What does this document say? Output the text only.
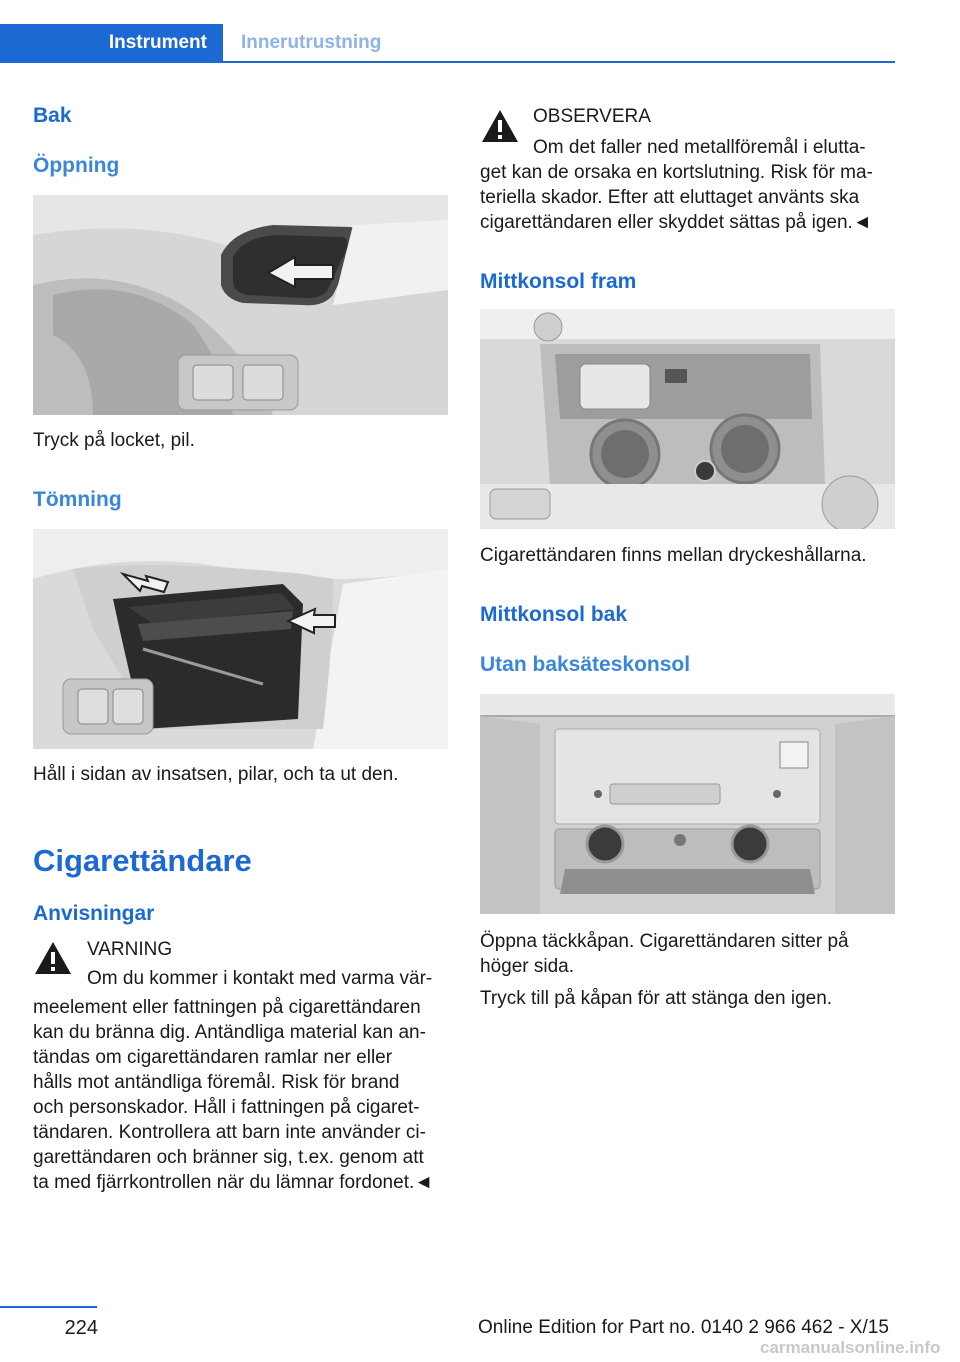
Instrument	Innerutrustning
Bak
Öppning
Tryck på locket, pil.
Tömning
Håll i sidan av insatsen, pilar, och ta ut den.
Cigarettändare
Anvisningar
VARNING
Om du kommer i kontakt med varma vär-
meelement eller fattningen på cigarettändaren
kan du bränna dig. Antändliga material kan an-
tändas om cigarettändaren ramlar ner eller
hålls mot antändliga föremål. Risk för brand
och personskador. Håll i fattningen på cigaret-
tändaren. Kontrollera att barn inte använder ci-
garettändaren och bränner sig, t.ex. genom att
ta med fjärrkontrollen när du lämnar fordonet.◄
OBSERVERA
Om det faller ned metallföremål i elutta-
get kan de orsaka en kortslutning. Risk för ma-
teriella skador. Efter att eluttaget använts ska
cigarettändaren eller skyddet sättas på igen.◄
Mittkonsol fram
Cigarettändaren finns mellan dryckeshållarna.
Mittkonsol bak
Utan baksäteskonsol
Öppna täckkåpan. Cigarettändaren sitter på
höger sida.
Tryck till på kåpan för att stänga den igen.
224	Online Edition for Part no. 0140 2 966 462 - X/15
carmanualsonline.info
